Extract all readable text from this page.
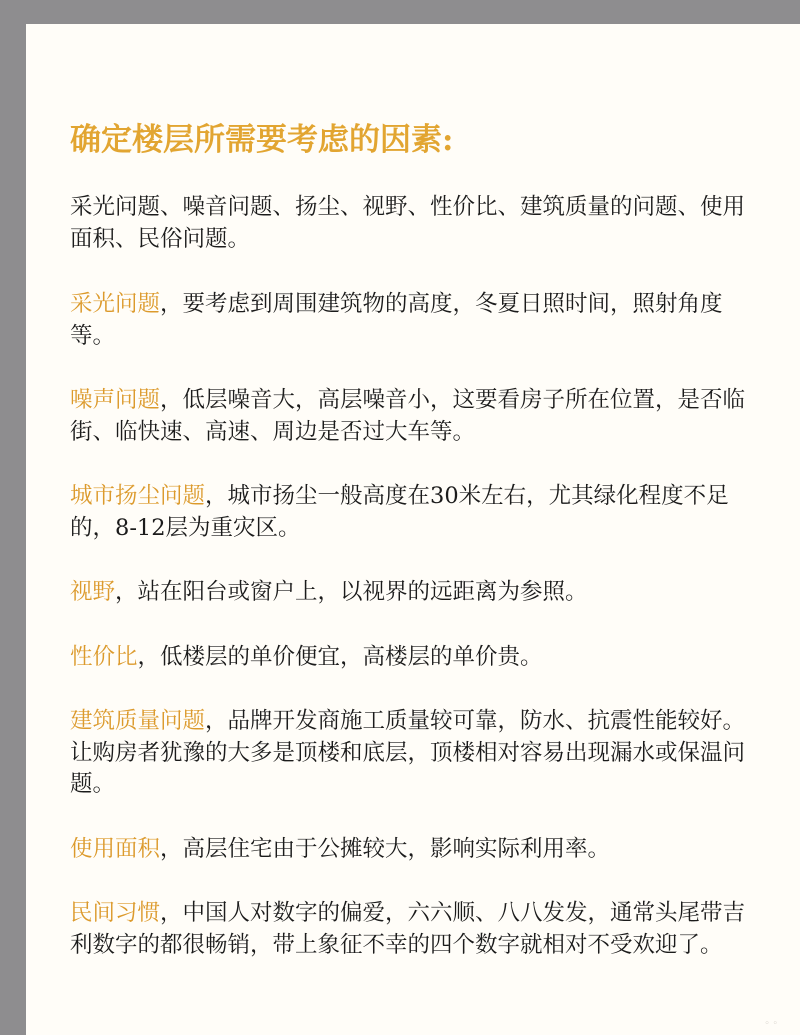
确定楼层所需要考虑的因素:

采光问题、噪音问题、扬尘、视野、性价比、建筑质量的问题、使用面积、民俗问题。

采光问题，要考虑到周围建筑物的高度，冬夏日照时间，照射角度等。

噪声问题，低层噪音大，高层噪音小，这要看房子所在位置，是否临街、临快速、高速、周边是否过大车等。

城市扬尘问题，城市扬尘一般高度在30米左右，尤其绿化程度不足的，8-12层为重灾区。

视野，站在阳台或窗户上，以视界的远距离为参照。

性价比，低楼层的单价便宜，高楼层的单价贵。

建筑质量问题，品牌开发商施工质量较可靠，防水、抗震性能较好。让购房者犹豫的大多是顶楼和底层，顶楼相对容易出现漏水或保温问题。

使用面积，高层住宅由于公摊较大，影响实际利用率。

民间习惯，中国人对数字的偏爱，六六顺、八八发发，通常头尾带吉利数字的都很畅销，带上象征不幸的四个数字就相对不受欢迎了。

◦ ◦
